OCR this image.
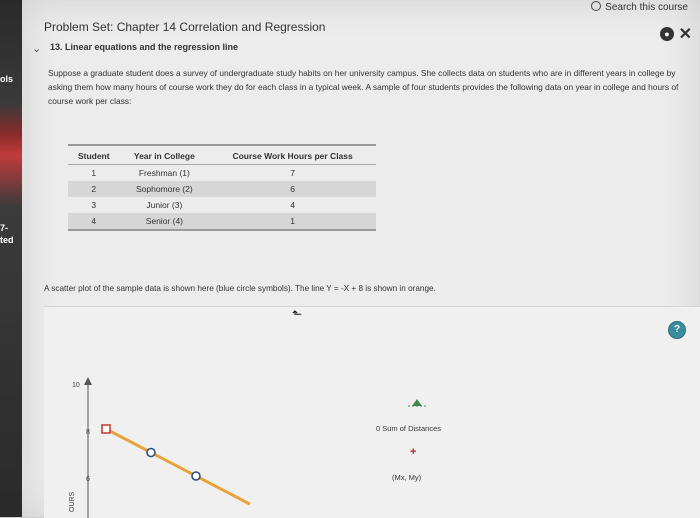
ols
7-
ted
Search this course
Problem Set: Chapter 14 Correlation and Regression
⌄ 13. Linear equations and the regression line
● ✕
Suppose a graduate student does a survey of undergraduate study habits on her university campus. She collects data on students who are in different years in college by asking them how many hours of course work they do for each class in a typical week. A sample of four students provides the following data on year in college and hours of course work per class:
Student	Year in College	Course Work Hours per Class
1	Freshman (1)	7
2	Sophomore (2)	6
3	Junior (3)	4
4	Senior (4)	1
A scatter plot of the sample data is shown here (blue circle symbols). The line Y = -X + 8 is shown in orange.
⬑
?
10
8
6
OURS
0 Sum of Distances
+
(Mx, My)
